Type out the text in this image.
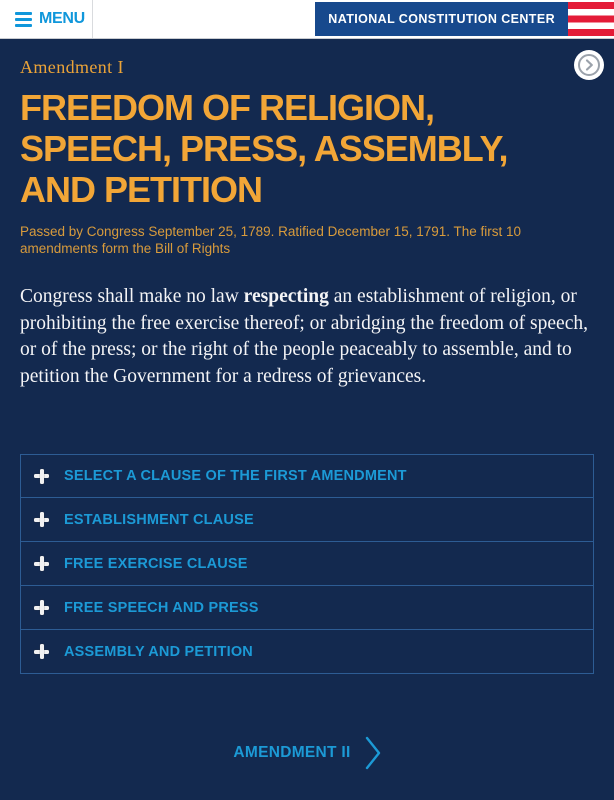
MENU	NATIONAL CONSTITUTION CENTER
Amendment I
FREEDOM OF RELIGION,
SPEECH, PRESS, ASSEMBLY,
AND PETITION

Passed by Congress September 25, 1789. Ratified December 15, 1791. The first 10 amendments form the Bill of Rights

Congress shall make no law respecting an establishment of religion, or prohibiting the free exercise thereof; or abridging the freedom of speech, or of the press; or the right of the people peaceably to assemble, and to petition the Government for a redress of grievances.

SELECT A CLAUSE OF THE FIRST AMENDMENT
ESTABLISHMENT CLAUSE
FREE EXERCISE CLAUSE
FREE SPEECH AND PRESS
ASSEMBLY AND PETITION
AMENDMENT II
